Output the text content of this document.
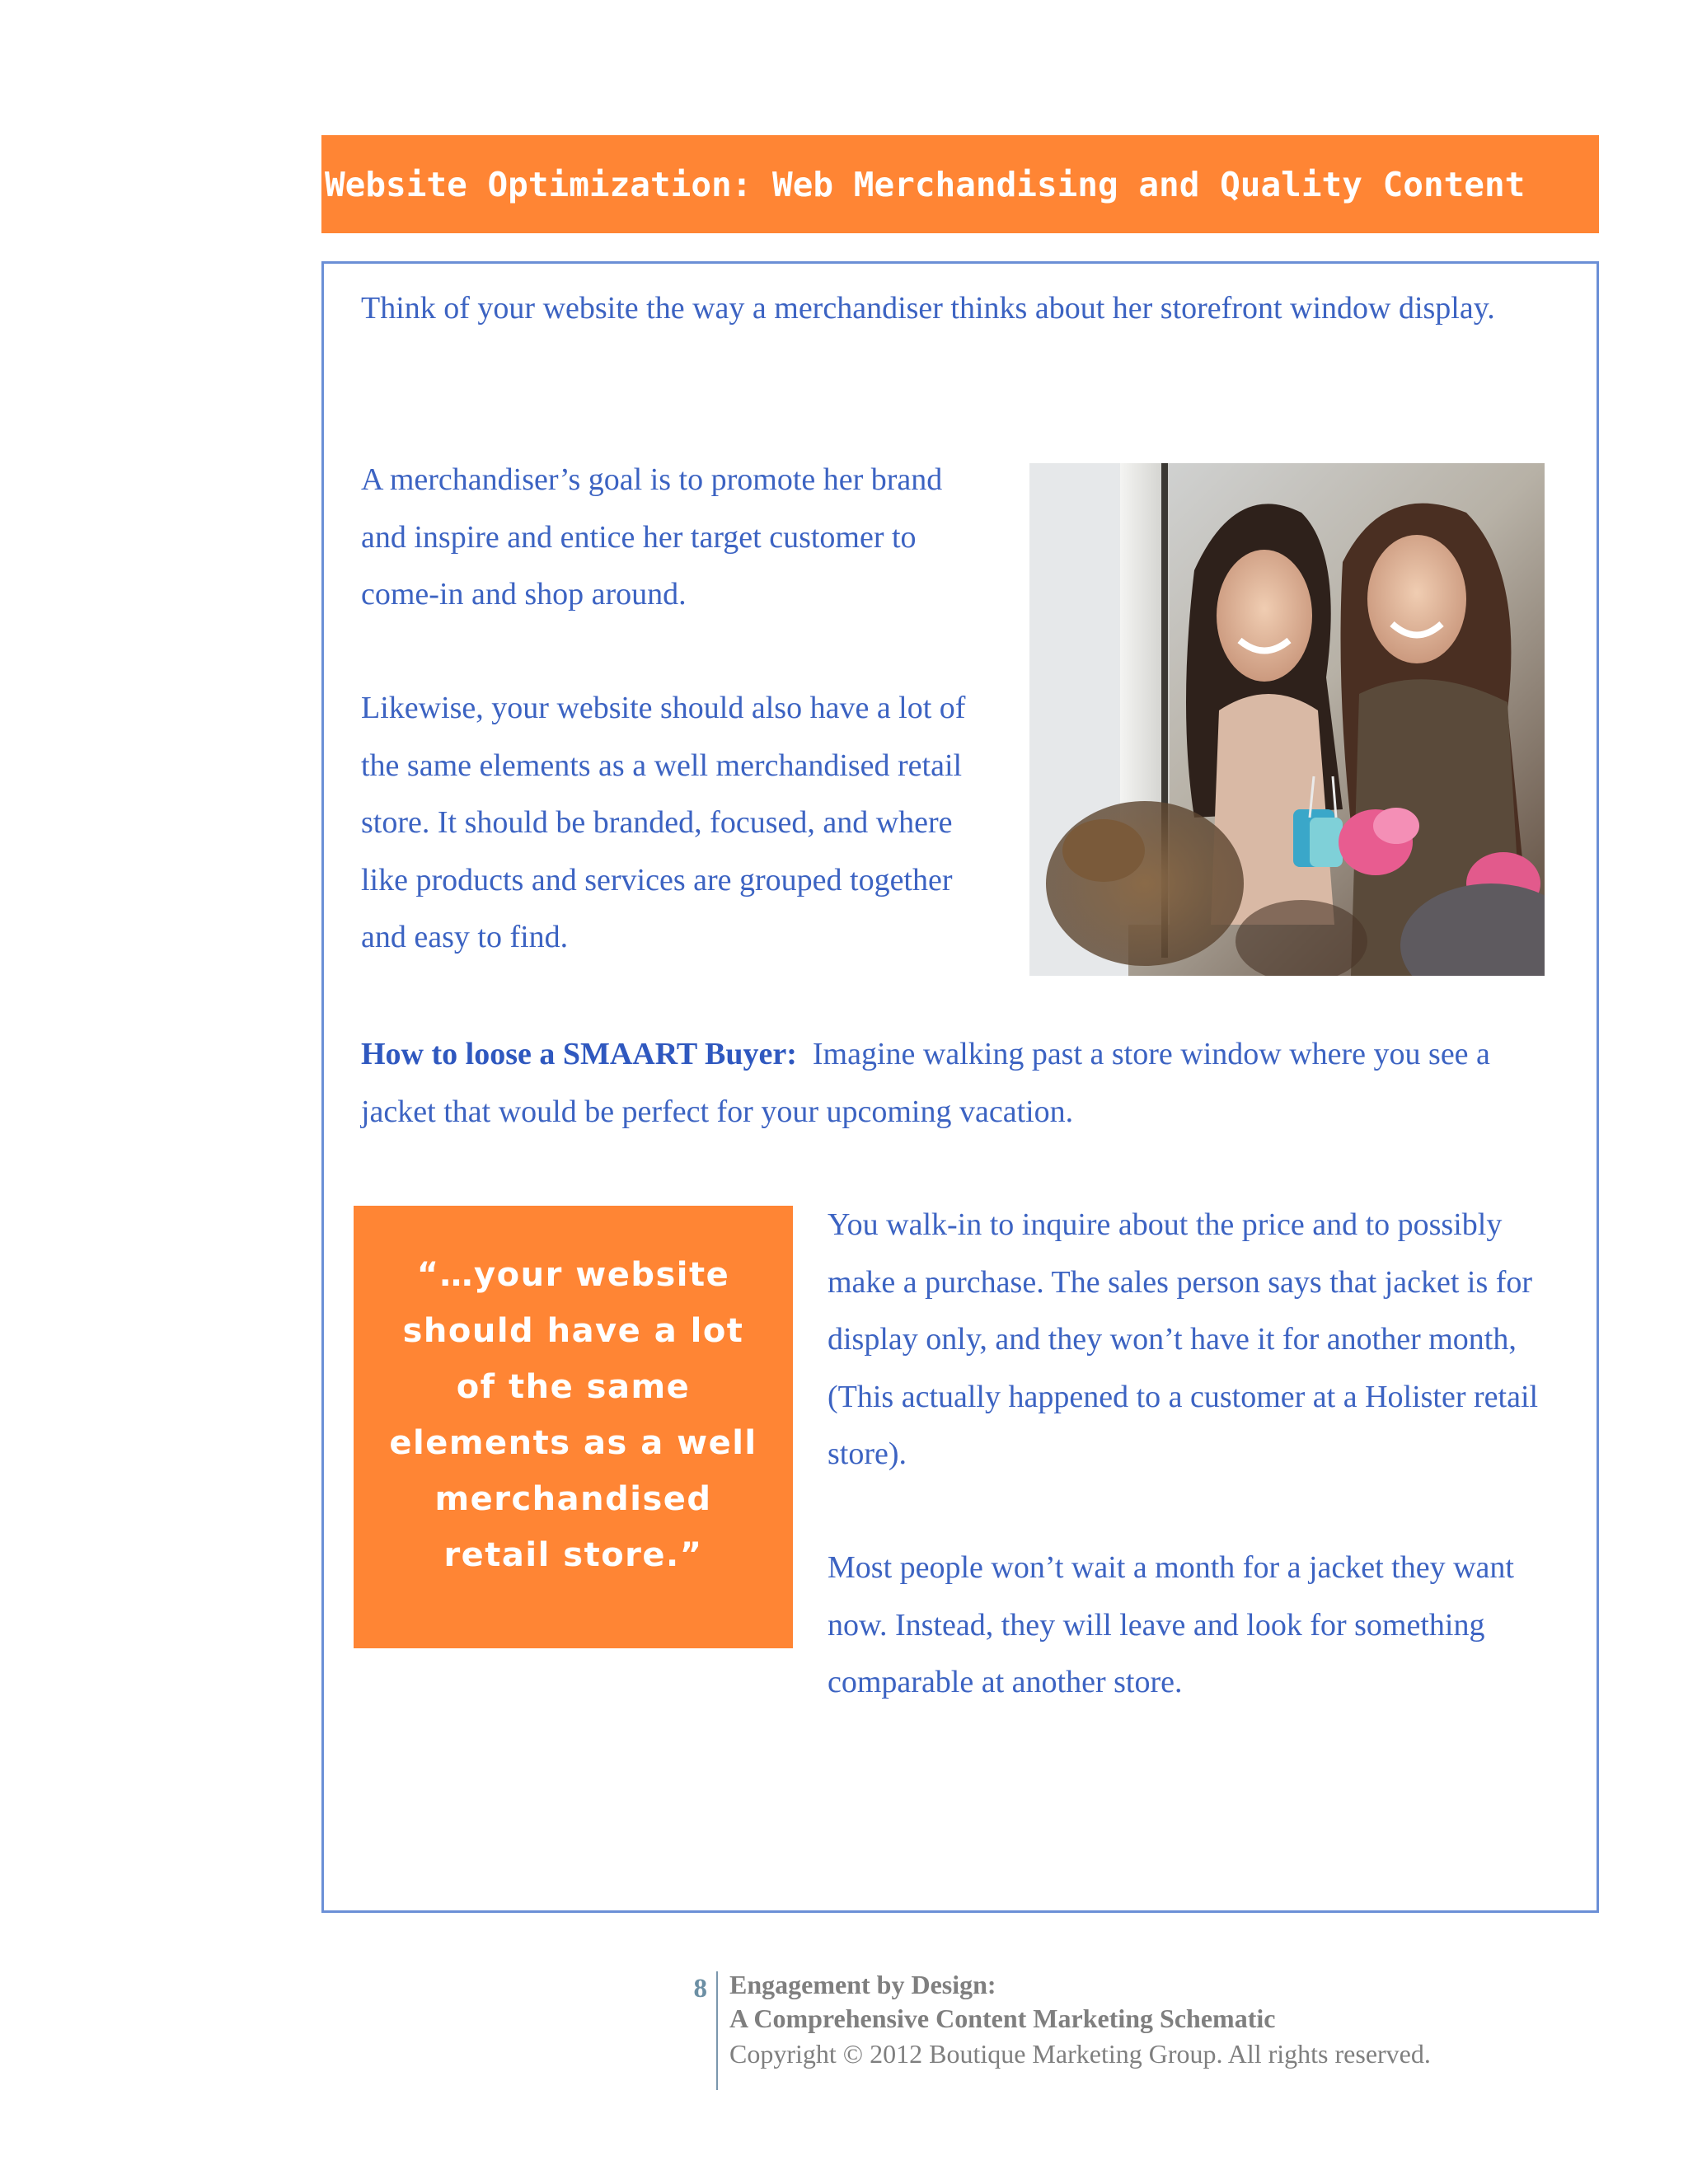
Website Optimization: Web Merchandising and Quality Content

Think of your website the way a merchandiser thinks about her storefront window display.

A merchandiser’s goal is to promote her brand and inspire and entice her target customer to come-in and shop around.

Likewise, your website should also have a lot of the same elements as a well merchandised retail store. It should be branded, focused, and where like products and services are grouped together and easy to find.

How to loose a SMAART Buyer: Imagine walking past a store window where you see a jacket that would be perfect for your upcoming vacation.

“…your website should have a lot of the same elements as a well merchandised retail store.”

You walk-in to inquire about the price and to possibly make a purchase. The sales person says that jacket is for display only, and they won’t have it for another month, (This actually happened to a customer at a Holister retail store).

Most people won’t wait a month for a jacket they want now. Instead, they will leave and look for something comparable at another store.

8 Engagement by Design:
A Comprehensive Content Marketing Schematic
Copyright © 2012 Boutique Marketing Group. All rights reserved.
